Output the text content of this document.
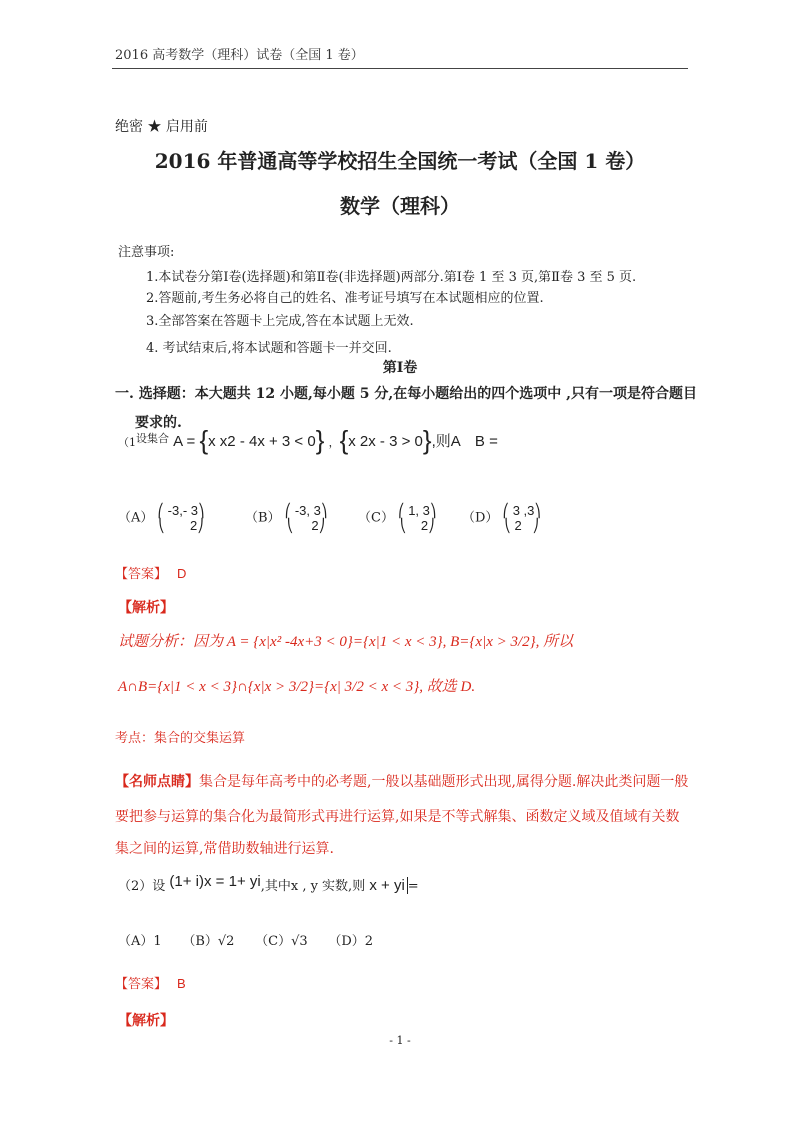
2016 高考数学（理科）试卷（全国 1 卷）
绝密 ★ 启用前
2016 年普通高等学校招生全国统一考试（全国 1 卷）
数学（理科）
注意事项:
1.本试卷分第Ⅰ卷(选择题)和第Ⅱ卷(非选择题)两部分.第Ⅰ卷 1 至 3 页,第Ⅱ卷 3 至 5 页.
2.答题前,考生务必将自己的姓名、准考证号填写在本试题相应的位置.
3.全部答案在答题卡上完成,答在本试题上无效.
4. 考试结束后,将本试题和答题卡一并交回.
第Ⅰ卷
一. 选择题：本大题共 12 小题,每小题 5 分,在每小题给出的四个选项中 ,只有一项是符合题目
要求的.
（$1^{设集合}$ A = {x x2 - 4x + 3 < 0} ，{x 2x - 3 > 0},则A　B =
（A） ⎛ -3,- 3⎞
⎝       2⎠	（B） ⎛ -3, 3⎞
⎝     2⎠	（C） ⎛ 1, 3⎞
⎝    2⎠ （D） ⎛ 3 ,3⎞
⎝ 2   ⎠
【答案】 D
【解析】
试题分析：因为 A = {x|x² -4x+3 < 0}={x|1 < x < 3}, B={x|x > 3/2}, 所以
A∩B={x|1 < x < 3}∩{x|x > 3/2}={x| 3/2 < x < 3}, 故选 D.
考点：集合的交集运算
【名师点睛】集合是每年高考中的必考题,一般以基础题形式出现,属得分题.解决此类问题一般
要把参与运算的集合化为最简形式再进行运算,如果是不等式解集、函数定义域及值域有关数
集之间的运算,常借助数轴进行运算.
（2）设 (1+ i)x = 1+ yi,其中x , y 实数,则 x + yi =
（A）1 （B）√2 （C）√3 （D）2
【答案】 B
【解析】
- 1 -
